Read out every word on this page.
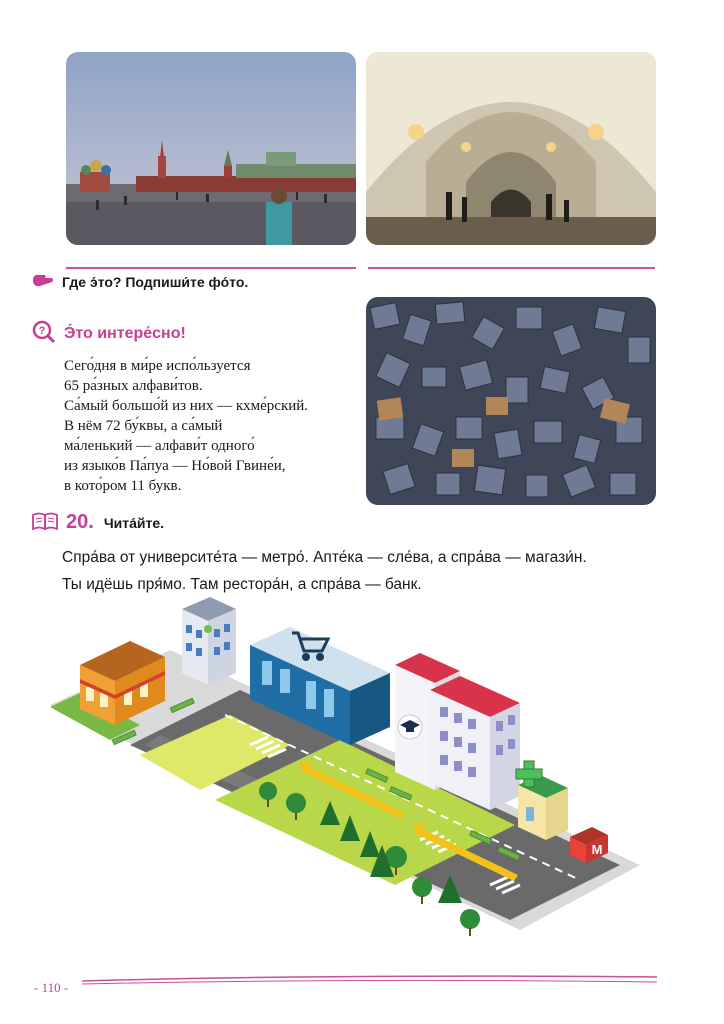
Где э́то? Подпиши́те фо́то.
? Э́то интере́сно!
Сего́дня в ми́ре испо́льзуется
65 ра́зных алфави́тов.
Са́мый большо́й из них — кхме́рский.
В нём 72 бу́квы, а са́мый
ма́ленький — алфави́т одного́
из языко́в Па́пуа — Но́вой Гвине́и,
в кото́ром 11 букв.
20. Чита́йте.

Спра́ва от университе́та — метро́. Апте́ка — сле́ва, а спра́ва — магази́н.

Ты идёшь пря́мо. Там рестора́н, а спра́ва — банк.

М
- 110 -
